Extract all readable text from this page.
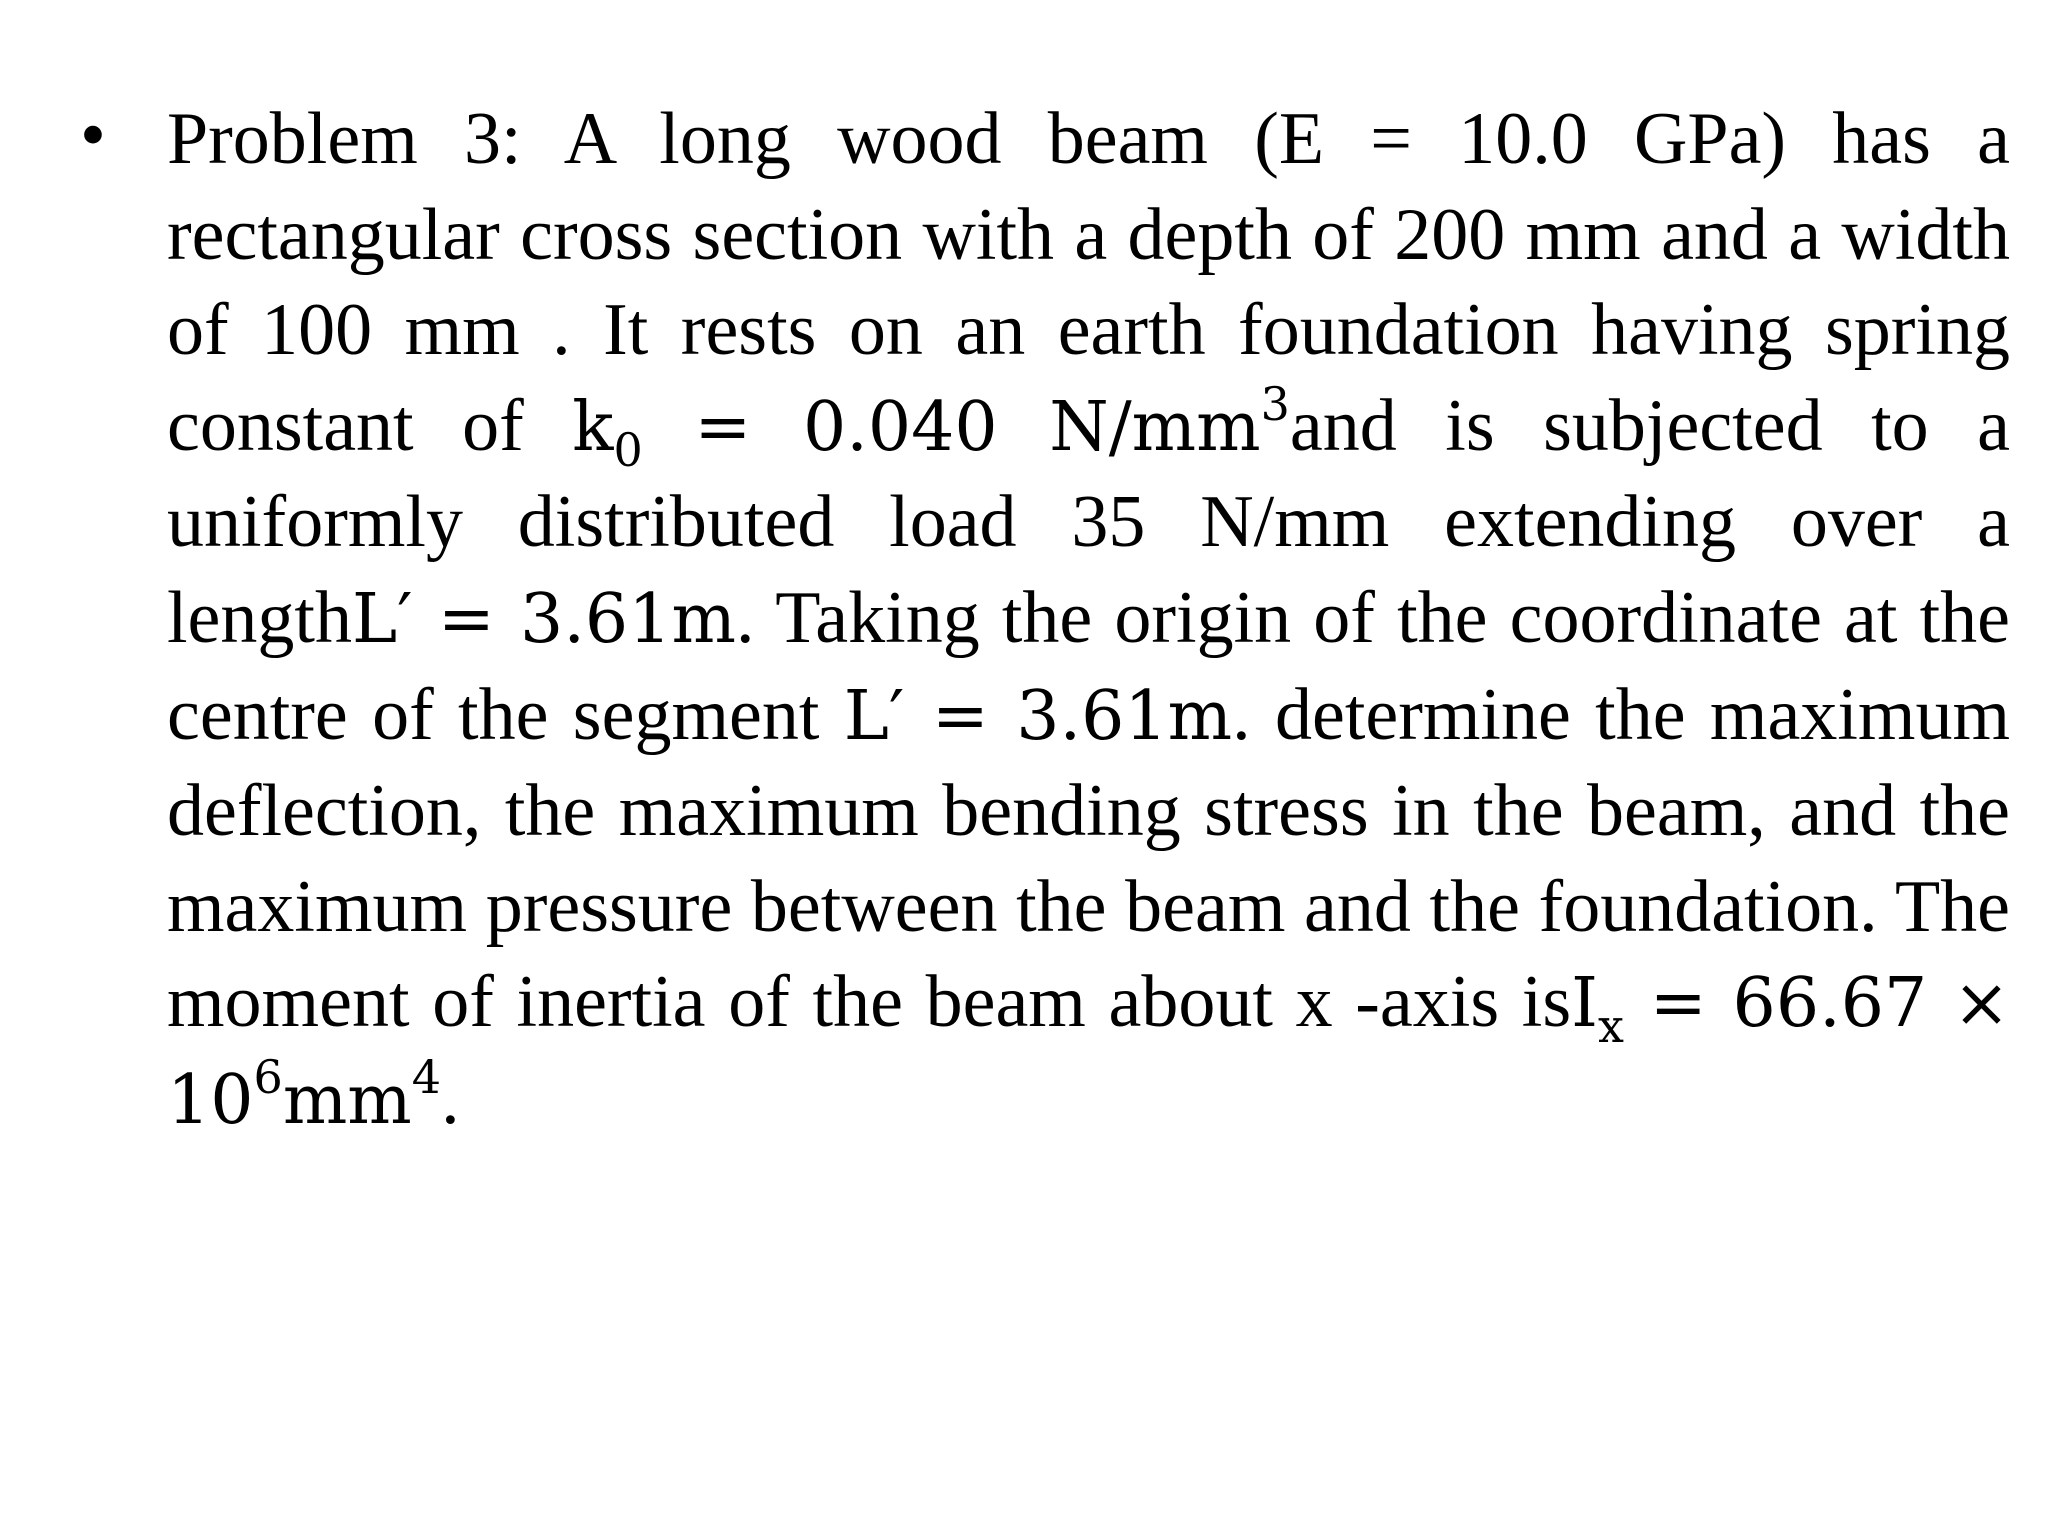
• Problem 3: A long wood beam (E = 10.0 GPa) has a rectangular cross section with a depth of 200 mm and a width of 100 mm . It rests on an earth foundation having spring constant of $k_0 = 0.040$ $N/mm^3and$ is subjected to a uniformly distributed load 35 N/mm extending over a lengthL′ = 3.61m. Taking the origin of the coordinate at the centre of the segment L′ = 3.61m. determine the maximum deflection, the maximum bending stress in the beam, and the maximum pressure between the beam and the foundation. The moment of inertia of the beam about x -axis $isI_x = 66.67 \times 10^6mm^4$.
